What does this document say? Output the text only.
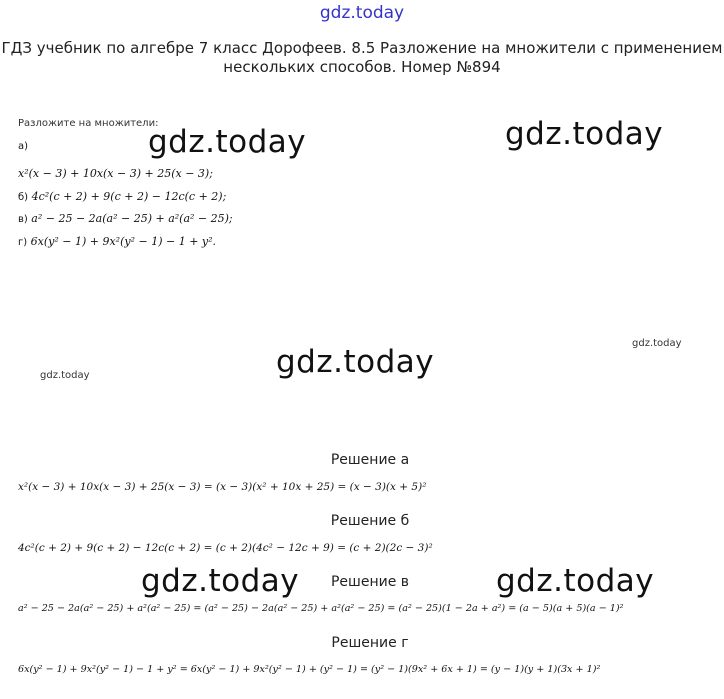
gdz.today
ГДЗ учебник по алгебре 7 класс Дорофеев. 8.5 Разложение на множители с применением нескольких способов. Номер №894
Разложите на множители:
а)
x²(x − 3) + 10x(x − 3) + 25(x − 3);
б) 4c²(c + 2) + 9(c + 2) − 12c(c + 2);
в) a² − 25 − 2a(a² − 25) + a²(a² − 25);
г) 6x(y² − 1) + 9x²(y² − 1) − 1 + y².
gdz.today	gdz.today
gdz.today
gdz.today
gdz.today
gdz.today	gdz.today
Решение а
x²(x − 3) + 10x(x − 3) + 25(x − 3) = (x − 3)(x² + 10x + 25) = (x − 3)(x + 5)²
Решение б
4c²(c + 2) + 9(c + 2) − 12c(c + 2) = (c + 2)(4c² − 12c + 9) = (c + 2)(2c − 3)²
Решение в
a² − 25 − 2a(a² − 25) + a²(a² − 25) = (a² − 25) − 2a(a² − 25) + a²(a² − 25) = (a² − 25)(1 − 2a + a²) = (a − 5)(a + 5)(a − 1)²
Решение г
6x(y² − 1) + 9x²(y² − 1) − 1 + y² = 6x(y² − 1) + 9x²(y² − 1) + (y² − 1) = (y² − 1)(9x² + 6x + 1) = (y − 1)(y + 1)(3x + 1)²
